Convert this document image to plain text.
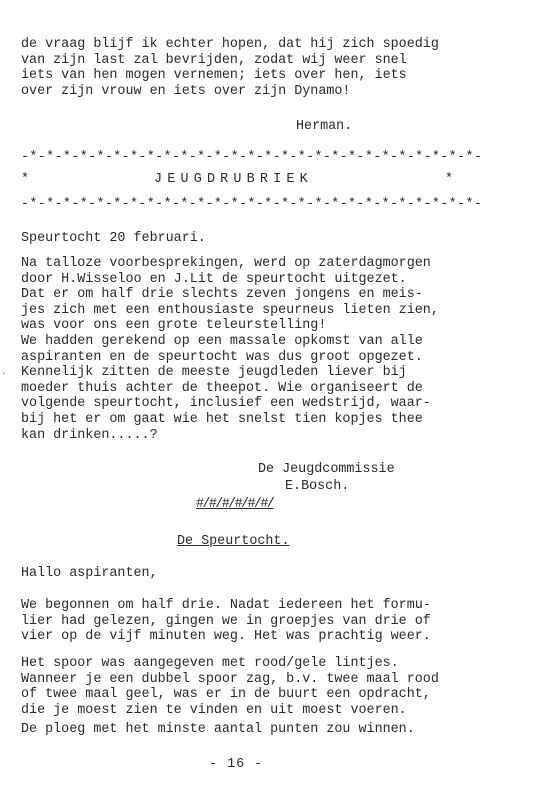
de vraag blijf ik echter hopen, dat hij zich spoedig
van zijn last zal bevrijden, zodat wij weer snel
iets van hen mogen vernemen; iets over hen, iets
over zijn vrouw en iets over zijn Dynamo!
Herman.
-*-*-*-*-*-*-*-*-*-*-*-*-*-*-*-*-*-*-*-*-*-*-*-*-*-*-*-
*	JEUGDRUBRIEK	*
-*-*-*-*-*-*-*-*-*-*-*-*-*-*-*-*-*-*-*-*-*-*-*-*-*-*-*-
Speurtocht 20 februari.
Na talloze voorbesprekingen, werd op zaterdagmorgen
door H.Wisseloo en J.Lit de speurtocht uitgezet.
Dat er om half drie slechts zeven jongens en meis-
jes zich met een enthousiaste speurneus lieten zien,
was voor ons een grote teleurstelling!
We hadden gerekend op een massale opkomst van alle
aspiranten en de speurtocht was dus groot opgezet.
Kennelijk zitten de meeste jeugdleden liever bij
moeder thuis achter de theepot. Wie organiseert de
volgende speurtocht, inclusief een wedstrijd, waar-
bij het er om gaat wie het snelst tien kopjes thee
kan drinken.....?
.
De Jeugdcommissie
E.Bosch.
#/#/#/#/#/#/
De Speurtocht.
Hallo aspiranten,
We begonnen om half drie. Nadat iedereen het formu-
lier had gelezen, gingen we in groepjes van drie of
vier op de vijf minuten weg. Het was prachtig weer.
Het spoor was aangegeven met rood/gele lintjes.
Wanneer je een dubbel spoor zag, b.v. twee maal rood
of twee maal geel, was er in de buurt een opdracht,
die je moest zien te vinden en uit moest voeren.
De ploeg met het minste aantal punten zou winnen.
- 16 -
